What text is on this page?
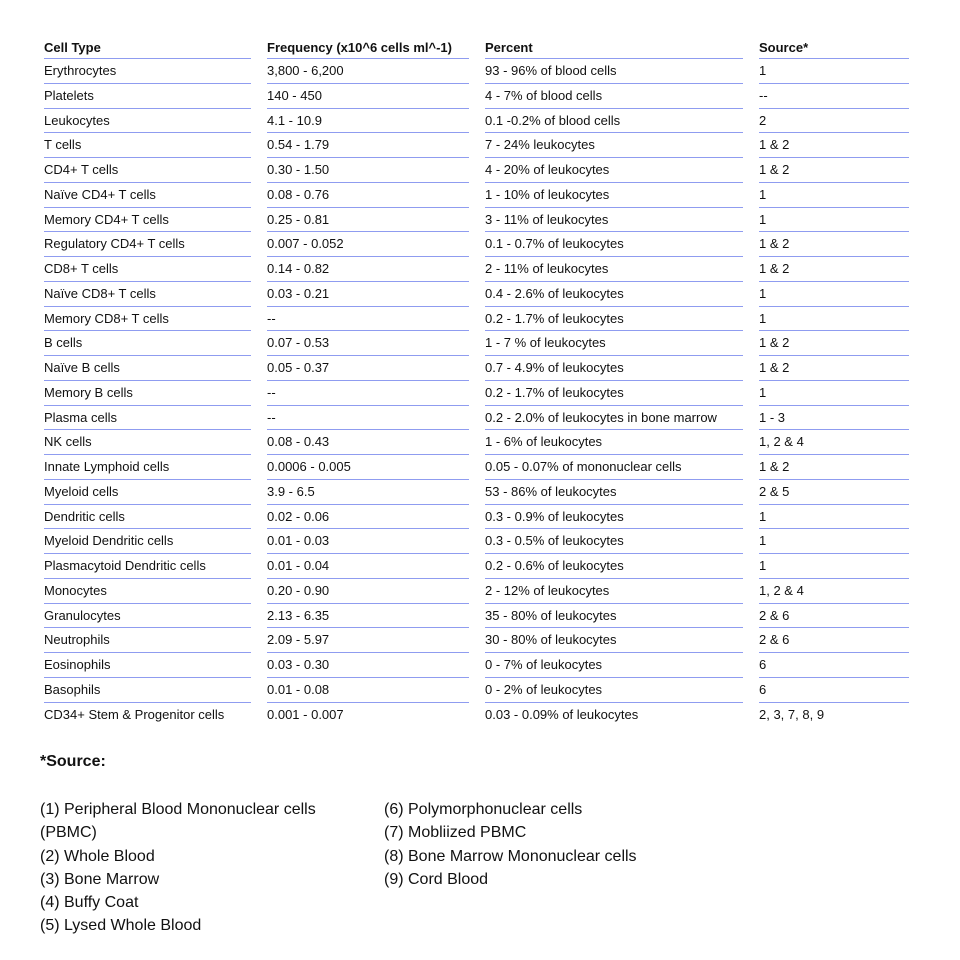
Cell Type	Frequency (x10^6 cells ml^-1)	Percent	Source*
Erythrocytes	3,800 - 6,200	93 - 96% of blood cells	1
Platelets	140 - 450	4 - 7% of blood cells	--
Leukocytes	4.1 - 10.9	0.1 -0.2% of blood cells	2
T cells	0.54 - 1.79	7 - 24% leukocytes	1 & 2
CD4+ T cells	0.30 - 1.50	4 - 20% of leukocytes	1 & 2
Naïve CD4+ T cells	0.08 - 0.76	1 - 10% of leukocytes	1
Memory CD4+ T cells	0.25 - 0.81	3 - 11% of leukocytes	1
Regulatory CD4+ T cells	0.007 - 0.052	0.1 - 0.7% of leukocytes	1 & 2
CD8+ T cells	0.14 - 0.82	2 - 11% of leukocytes	1 & 2
Naïve CD8+ T cells	0.03 - 0.21	0.4 - 2.6% of leukocytes	1
Memory CD8+ T cells	--	0.2 - 1.7% of leukocytes	1
B cells	0.07 - 0.53	1 - 7 % of leukocytes	1 & 2
Naïve B cells	0.05 - 0.37	0.7 - 4.9% of leukocytes	1 & 2
Memory B cells	--	0.2 - 1.7% of leukocytes	1
Plasma cells	--	0.2 - 2.0% of leukocytes in bone marrow	1 - 3
NK cells	0.08 - 0.43	1 - 6% of leukocytes	1, 2 & 4
Innate Lymphoid cells	0.0006 - 0.005	0.05 - 0.07% of mononuclear cells	1 & 2
Myeloid cells	3.9 - 6.5	53 - 86% of leukocytes	2 & 5
Dendritic cells	0.02 - 0.06	0.3 - 0.9% of leukocytes	1
Myeloid Dendritic cells	0.01 - 0.03	0.3 - 0.5% of leukocytes	1
Plasmacytoid Dendritic cells	0.01 - 0.04	0.2 - 0.6% of leukocytes	1
Monocytes	0.20 - 0.90	2 - 12% of leukocytes	1, 2 & 4
Granulocytes	2.13 - 6.35	35 - 80% of leukocytes	2 & 6
Neutrophils	2.09 - 5.97	30 - 80% of leukocytes	2 & 6
Eosinophils	0.03 - 0.30	0 - 7% of leukocytes	6
Basophils	0.01 - 0.08	0 - 2% of leukocytes	6
CD34+ Stem & Progenitor cells	0.001 - 0.007	0.03 - 0.09% of leukocytes	2, 3, 7, 8, 9
*Source:
(1) Peripheral Blood Mononuclear cells
(PBMC)
(2) Whole Blood
(3) Bone Marrow
(4) Buffy Coat
(5) Lysed Whole Blood
(6) Polymorphonuclear cells
(7) Mobliized PBMC
(8) Bone Marrow Mononuclear cells
(9) Cord Blood
